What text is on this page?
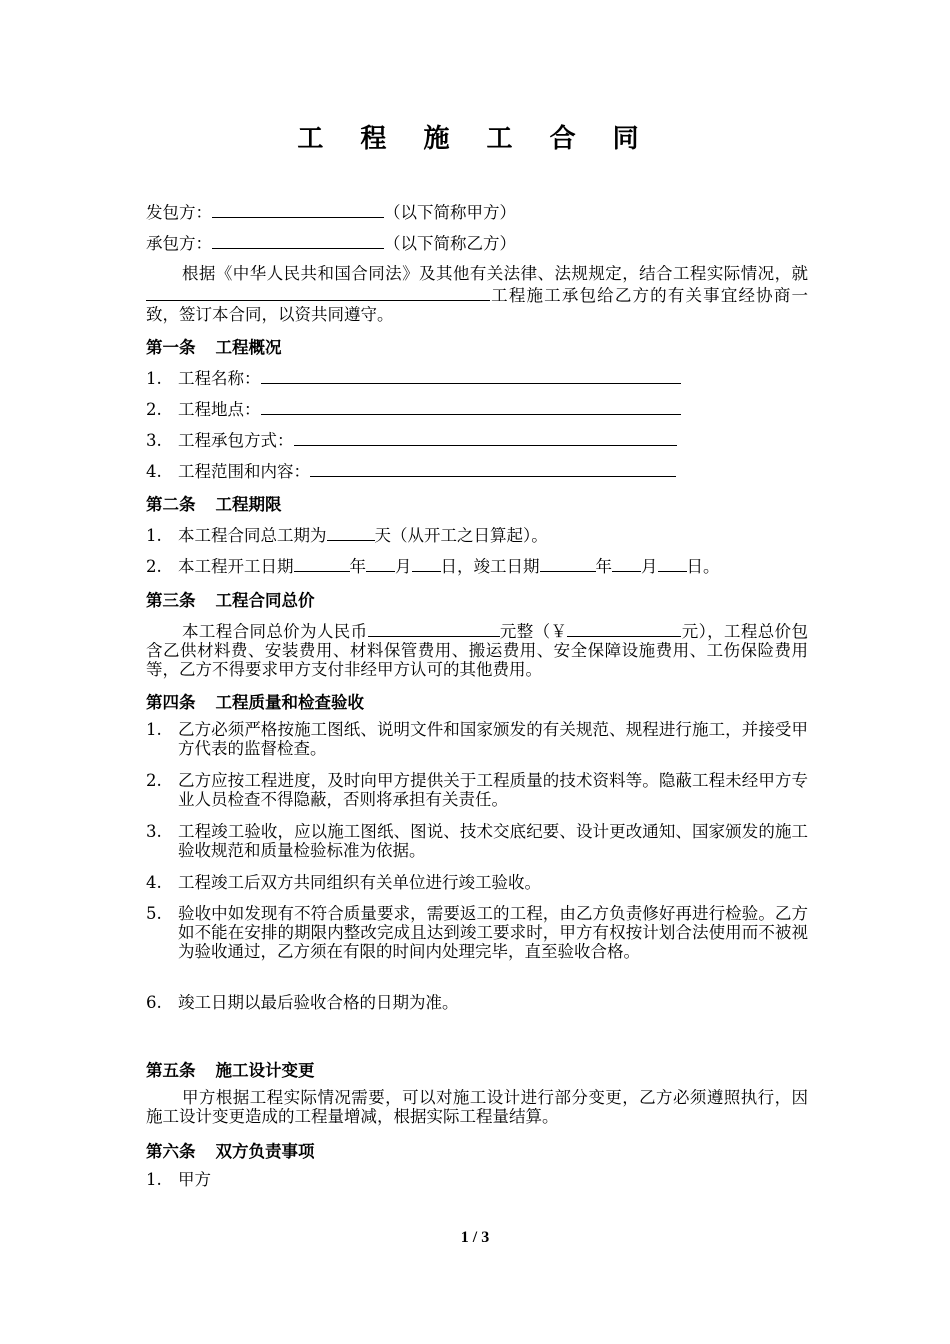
工 程 施 工 合 同
发包方：	（以下简称甲方）
承包方：	（以下简称乙方）
根据《中华人民共和国合同法》及其他有关法律、法规规定，结合工程实际情况，就工程施工承包给乙方的有关事宜经协商一致，签订本合同，以资共同遵守。
第一条 工程概况
1. 工程名称：
2. 工程地点：
3. 工程承包方式：
4. 工程范围和内容：
第二条 工程期限
1. 本工程合同总工期为	天（从开工之日算起）。
2. 本工程开工日期	年 月 日，竣工日期	年 月 日。
第三条 工程合同总价
本工程合同总价为人民币	元整（￥	元），工程总价包含乙供材料费、安装费用、材料保管费用、搬运费用、安全保障设施费用、工伤保险费用等，乙方不得要求甲方支付非经甲方认可的其他费用。
第四条 工程质量和检查验收
1. 乙方必须严格按施工图纸、说明文件和国家颁发的有关规范、规程进行施工，并接受甲方代表的监督检查。
2. 乙方应按工程进度，及时向甲方提供关于工程质量的技术资料等。隐蔽工程未经甲方专业人员检查不得隐蔽，否则将承担有关责任。
3. 工程竣工验收，应以施工图纸、图说、技术交底纪要、设计更改通知、国家颁发的施工验收规范和质量检验标准为依据。
4. 工程竣工后双方共同组织有关单位进行竣工验收。
5. 验收中如发现有不符合质量要求，需要返工的工程，由乙方负责修好再进行检验。乙方如不能在安排的期限内整改完成且达到竣工要求时，甲方有权按计划合法使用而不被视为验收通过，乙方须在有限的时间内处理完毕，直至验收合格。
6. 竣工日期以最后验收合格的日期为准。
第五条 施工设计变更
甲方根据工程实际情况需要，可以对施工设计进行部分变更，乙方必须遵照执行，因施工设计变更造成的工程量增减，根据实际工程量结算。
第六条 双方负责事项
1. 甲方
1 / 3
